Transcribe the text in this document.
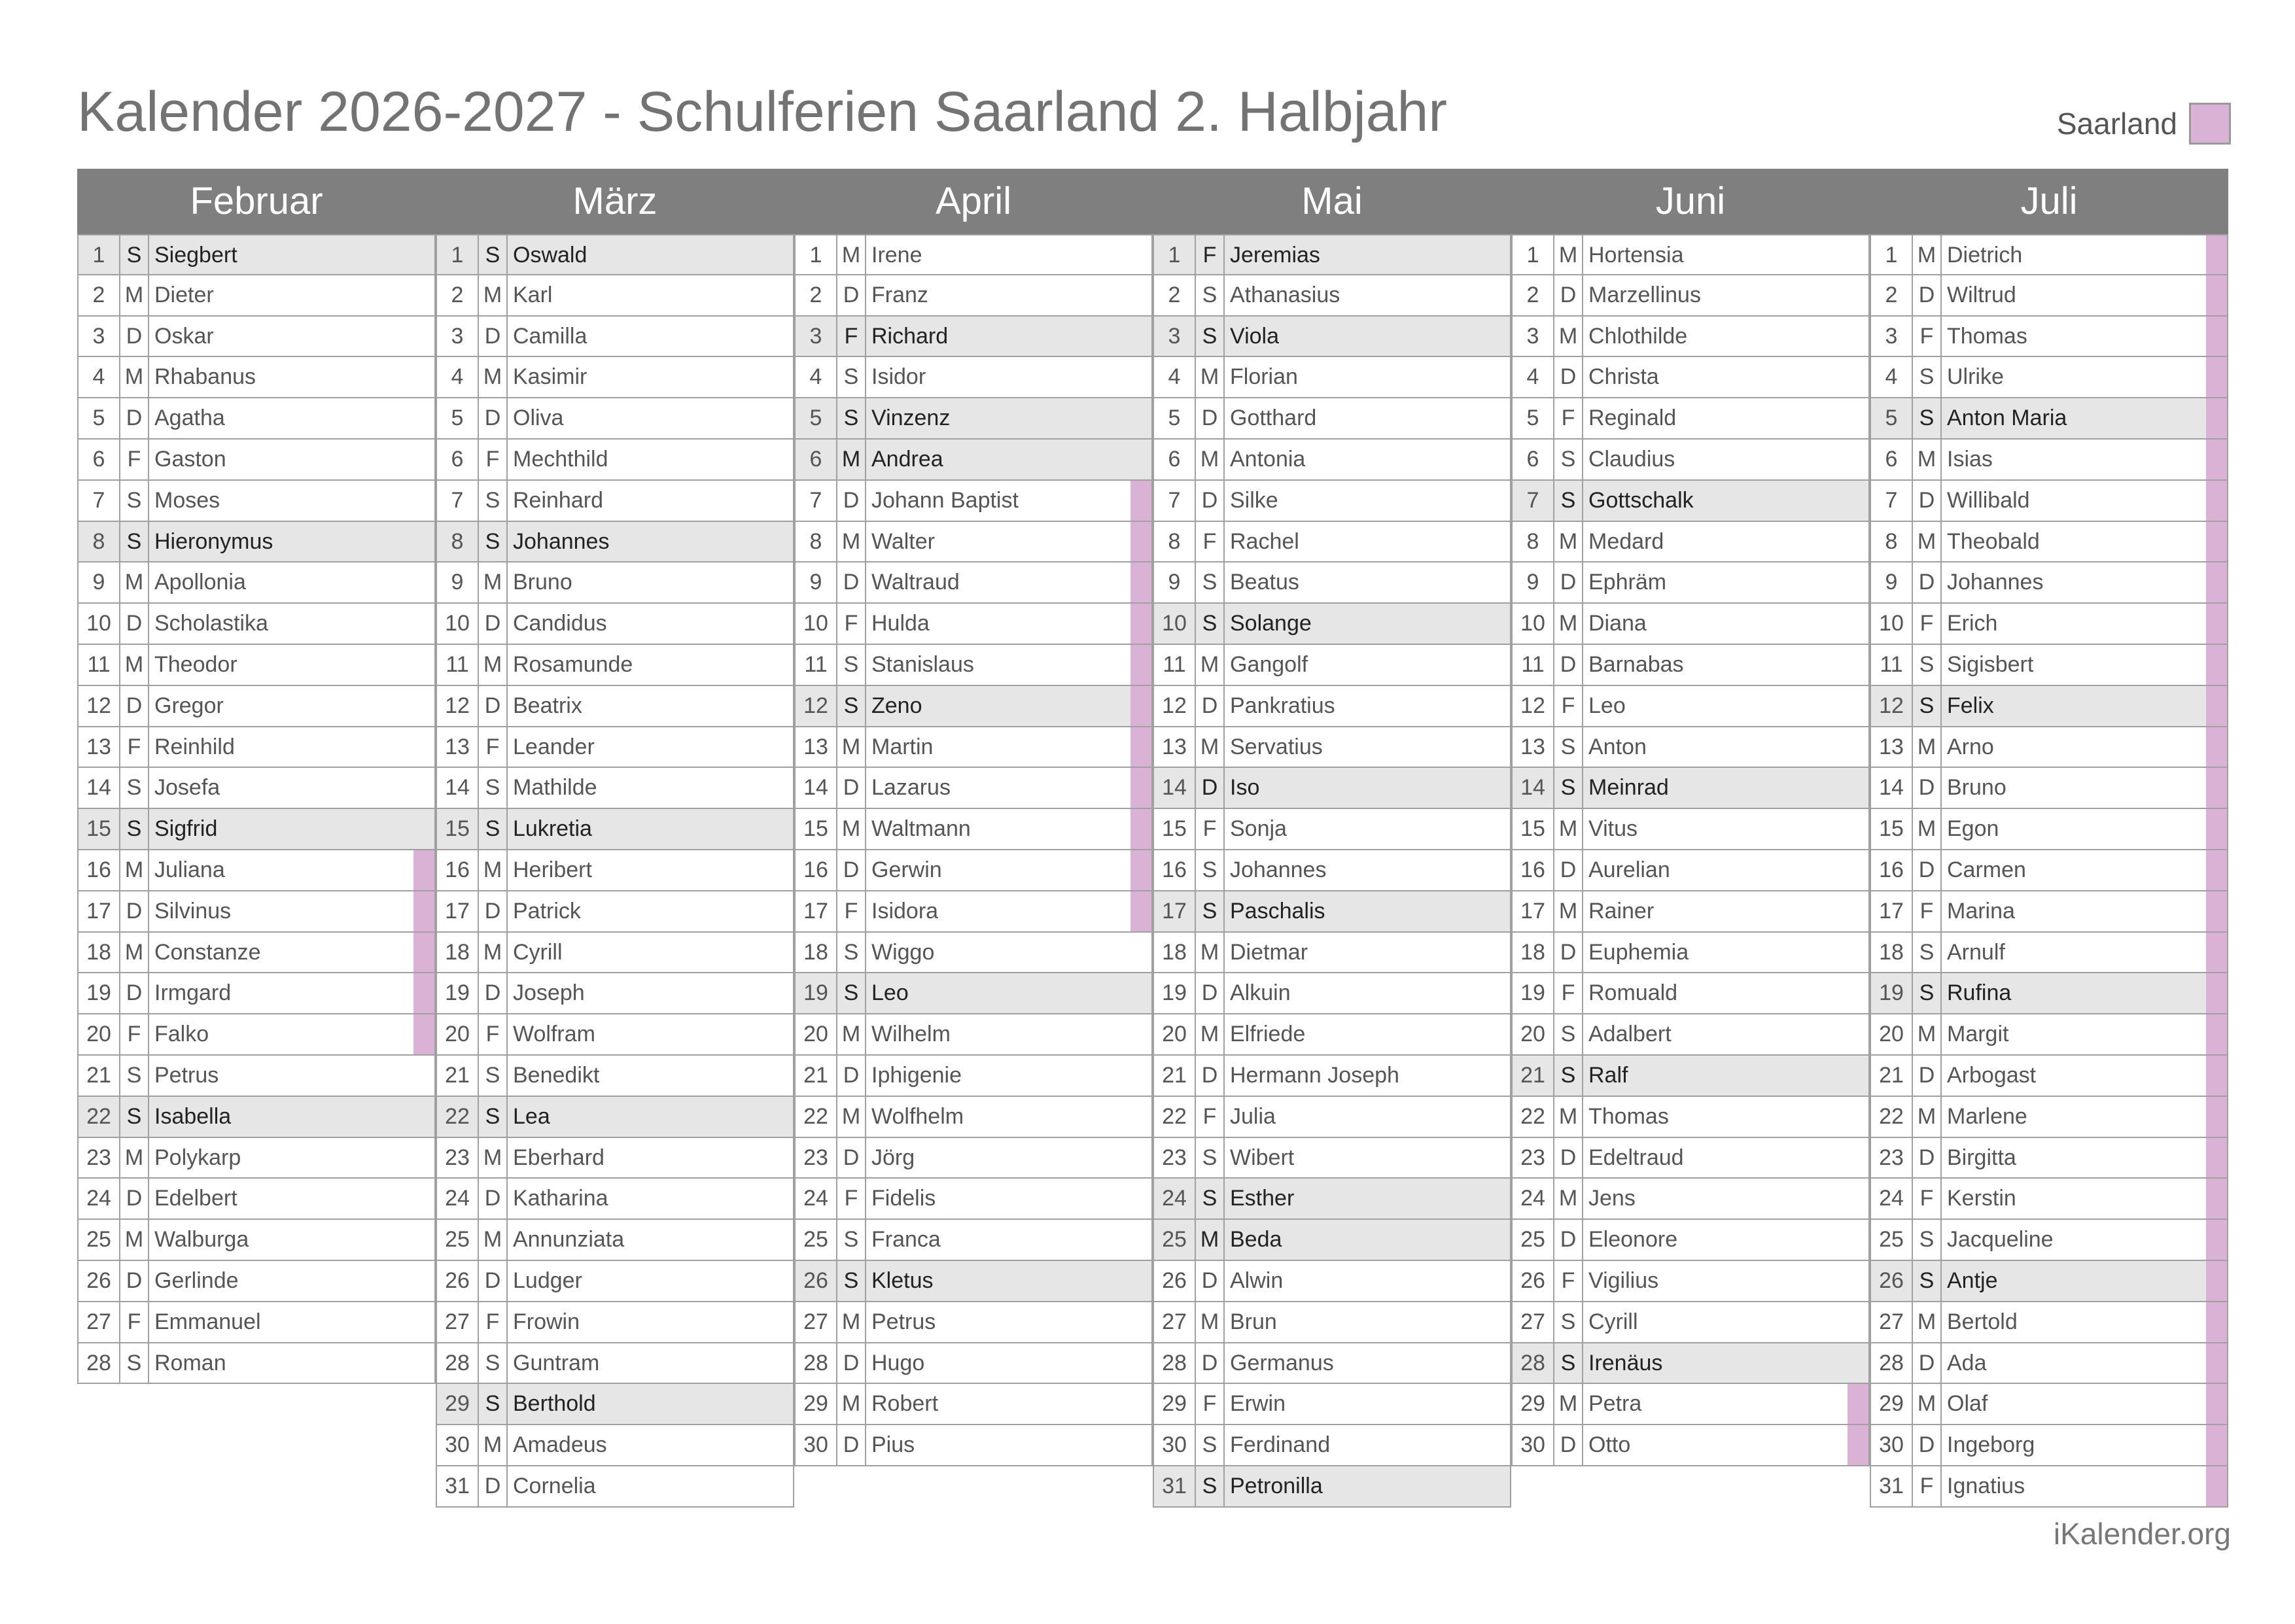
Kalender 2026-2027 - Schulferien Saarland 2. Halbjahr	Saarland
Februar	März	April	Mai	Juni	Juli
1 S Siegbert
2 M Dieter
3 D Oskar
4 M Rhabanus
5 D Agatha
6	F Gaston
7 S Moses
8 S Hieronymus
9 M Apollonia
10 D Scholastika
11 M Theodor
12 D Gregor
13 F Reinhild
14 S Josefa
15 S Sigfrid
16 M Juliana
17 D Silvinus
18 M Constanze
19 D Irmgard
20 F Falko
21 S Petrus
22 S Isabella
23 M Polykarp
24 D Edelbert
25 M Walburga
26 D Gerlinde
27 F Emmanuel
28 S Roman
1 S Oswald
2 M Karl
3 D Camilla
4 M Kasimir
5 D Oliva
6	F Mechthild
7 S Reinhard
8 S Johannes
9 M Bruno
10 D Candidus
11 M Rosamunde
12 D Beatrix
13 F Leander
14 S Mathilde
15 S Lukretia
16 M Heribert
17 D Patrick
18 M Cyrill
19 D Joseph
20 F Wolfram
21 S Benedikt
22 S Lea
23 M Eberhard
24 D Katharina
25 M Annunziata
26 D Ludger
27 F Frowin
28 S Guntram
29 S Berthold
30 M Amadeus
31 D Cornelia
1 M Irene
2 D Franz
3	F Richard
4 S Isidor
5 S Vinzenz
6 M Andrea
7 D Johann Baptist
8 M Walter
9 D Waltraud
10 F Hulda
11 S Stanislaus
12 S Zeno
13 M Martin
14 D Lazarus
15 M Waltmann
16 D Gerwin
17 F Isidora
18 S Wiggo
19 S Leo
20 M Wilhelm
21 D Iphigenie
22 M Wolfhelm
23 D Jörg
24 F Fidelis
25 S Franca
26 S Kletus
27 M Petrus
28 D Hugo
29 M Robert
30 D Pius
1	F Jeremias
2 S Athanasius
3 S Viola
4 M Florian
5 D Gotthard
6 M Antonia
7 D Silke
8	F Rachel
9 S Beatus
10 S Solange
11 M Gangolf
12 D Pankratius
13 M Servatius
14 D Iso
15 F Sonja
16 S Johannes
17 S Paschalis
18 M Dietmar
19 D Alkuin
20 M Elfriede
21 D Hermann Joseph
22 F Julia
23 S Wibert
24 S Esther
25 M Beda
26 D Alwin
27 M Brun
28 D Germanus
29 F Erwin
30 S Ferdinand
31 S Petronilla
1 M Hortensia
2 D Marzellinus
3 M Chlothilde
4 D Christa
5	F Reginald
6 S Claudius
7 S Gottschalk
8 M Medard
9 D Ephräm
10 M Diana
11 D Barnabas
12 F Leo
13 S Anton
14 S Meinrad
15 M Vitus
16 D Aurelian
17 M Rainer
18 D Euphemia
19 F Romuald
20 S Adalbert
21 S Ralf
22 M Thomas
23 D Edeltraud
24 M Jens
25 D Eleonore
26 F Vigilius
27 S Cyrill
28 S Irenäus
29 M Petra
30 D Otto
1 M Dietrich
2 D Wiltrud
3	F Thomas
4 S Ulrike
5 S Anton Maria
6 M Isias
7 D Willibald
8 M Theobald
9 D Johannes
10 F Erich
11 S Sigisbert
12 S Felix
13 M Arno
14 D Bruno
15 M Egon
16 D Carmen
17 F Marina
18 S Arnulf
19 S Rufina
20 M Margit
21 D Arbogast
22 M Marlene
23 D Birgitta
24 F Kerstin
25 S Jacqueline
26 S Antje
27 M Bertold
28 D Ada
29 M Olaf
30 D Ingeborg
31 F Ignatius
iKalender.org
